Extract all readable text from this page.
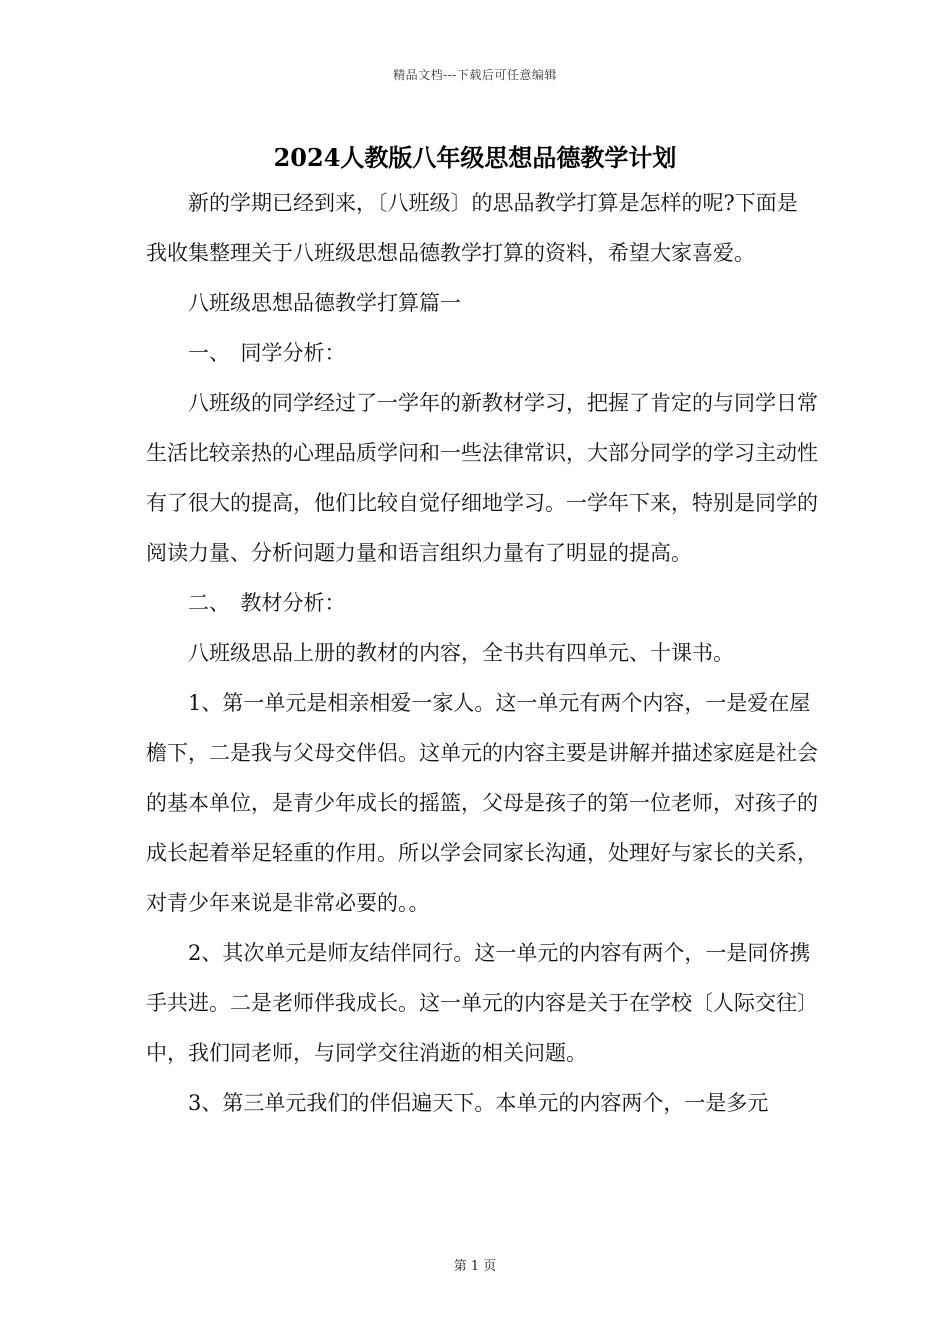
精品文档---下载后可任意编辑
2024人教版八年级思想品德教学计划

新的学期已经到来，〔八班级〕的思品教学打算是怎样的呢?下面是我收集整理关于八班级思想品德教学打算的资料，希望大家喜爱。

八班级思想品德教学打算篇一

一、　同学分析：

八班级的同学经过了一学年的新教材学习，把握了肯定的与同学日常生活比较亲热的心理品质学问和一些法律常识，大部分同学的学习主动性有了很大的提高，他们比较自觉仔细地学习。一学年下来，特别是同学的阅读力量、分析问题力量和语言组织力量有了明显的提高。

二、　教材分析：

八班级思品上册的教材的内容，全书共有四单元、十课书。

1、第一单元是相亲相爱一家人。这一单元有两个内容，一是爱在屋檐下，二是我与父母交伴侣。这单元的内容主要是讲解并描述家庭是社会的基本单位，是青少年成长的摇篮，父母是孩子的第一位老师，对孩子的成长起着举足轻重的作用。所以学会同家长沟通，处理好与家长的关系，对青少年来说是非常必要的。。

2、其次单元是师友结伴同行。这一单元的内容有两个，一是同侪携手共进。二是老师伴我成长。这一单元的内容是关于在学校〔人际交往〕中，我们同老师，与同学交往消逝的相关问题。

3、第三单元我们的伴侣遍天下。本单元的内容两个，一是多元

第 1 页
